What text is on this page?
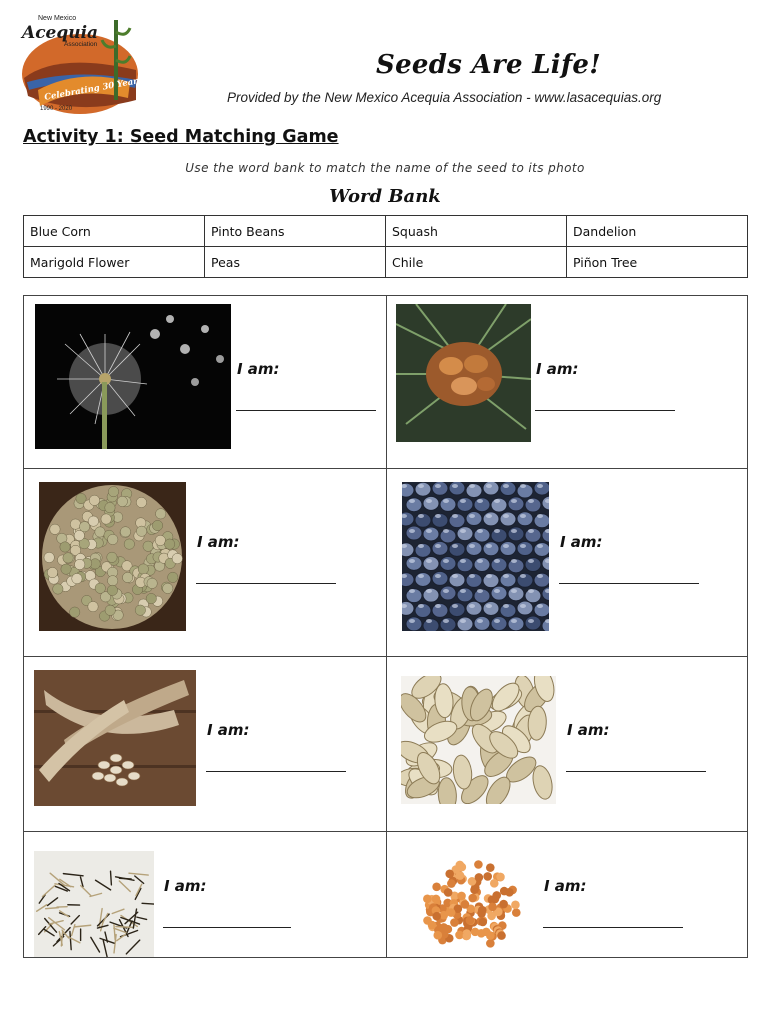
New Mexico
Acequia
Association
Celebrating 30 Years
1990 - 2020
Seeds Are Life!
Provided by the New Mexico Acequia Association - www.lasacequias.org
Activity 1: Seed Matching Game
Use the word bank to match the name of the seed to its photo
Word Bank
Blue Corn	Pinto Beans	Squash	Dandelion
Marigold Flower	Peas	Chile	Piñon Tree
I am:	I am:
I am:	I am:
I am:	I am:
I am:	I am:
